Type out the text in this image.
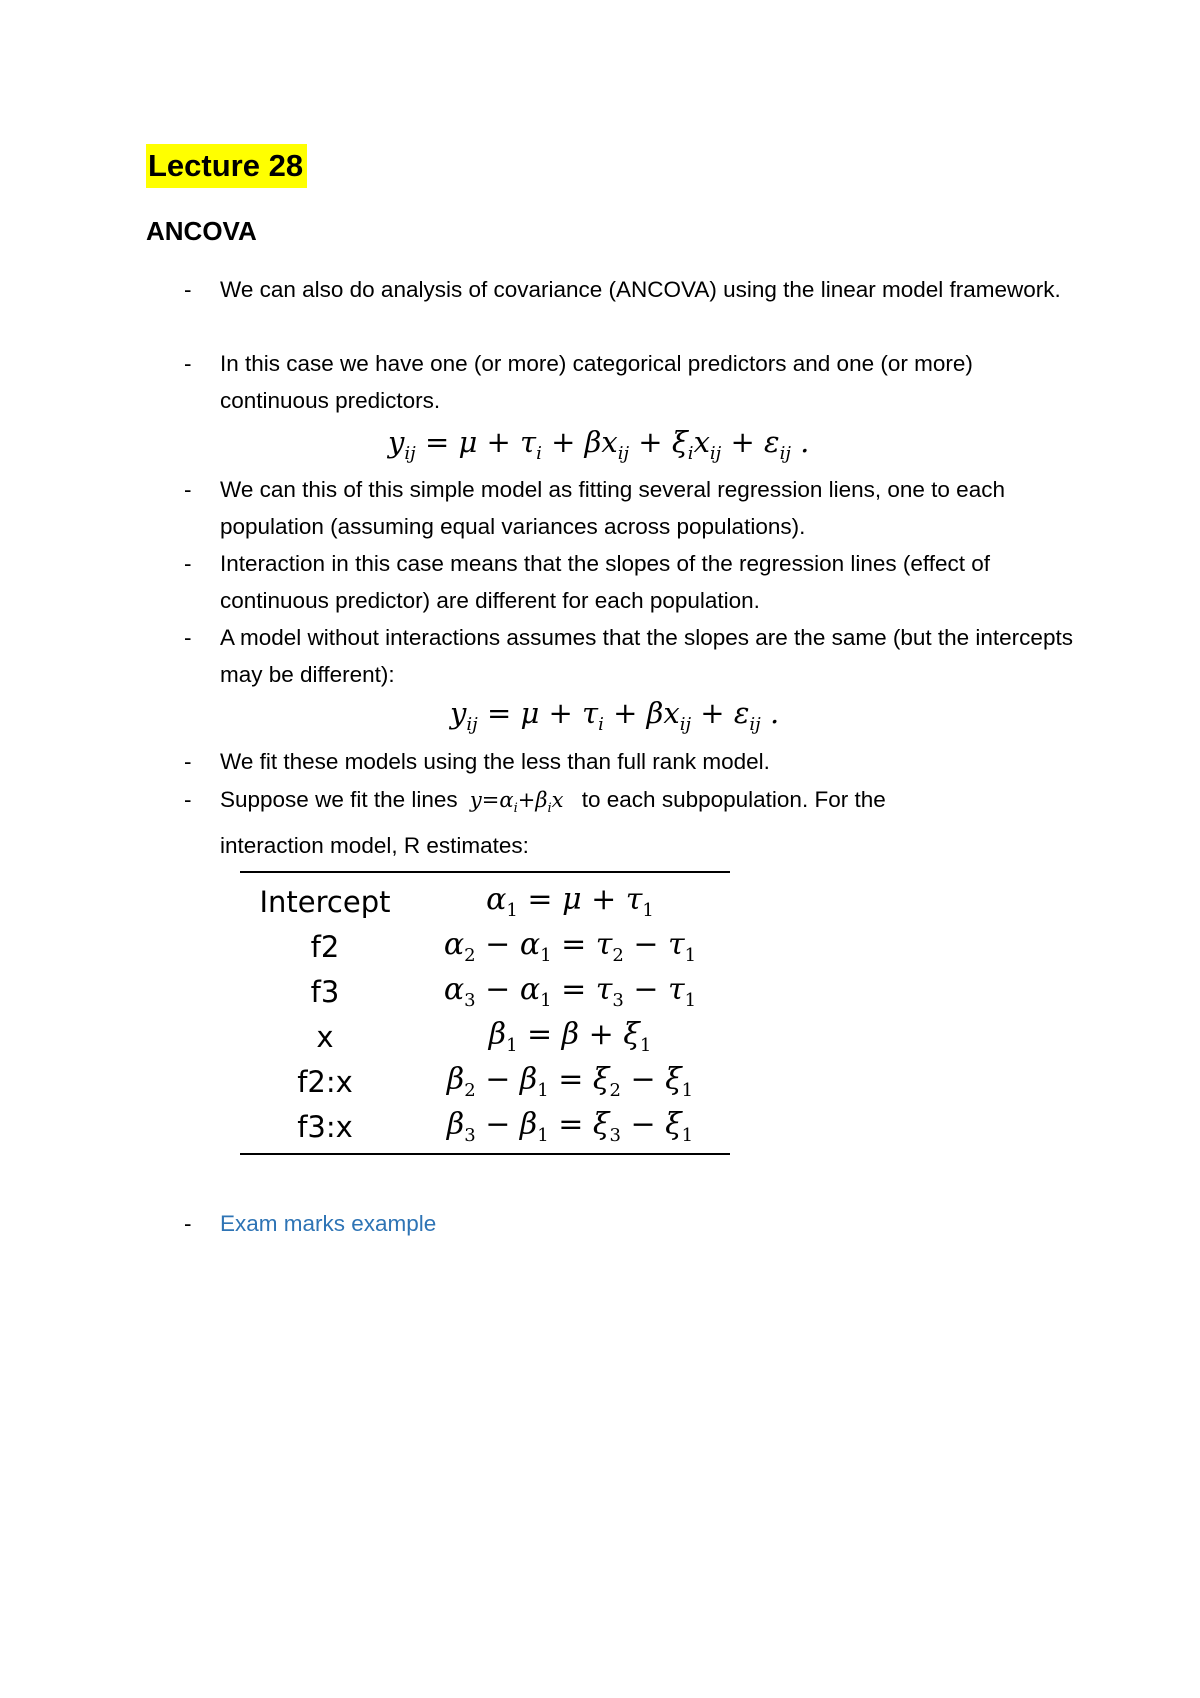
Lecture 28
ANCOVA
- We can also do analysis of covariance (ANCOVA) using the linear model framework.
- In this case we have one (or more) categorical predictors and one (or more) continuous predictors.
$y_{ij} = \mu + \tau_i + \beta x_{ij} + \xi_ix_{ij} + \varepsilon_{ij}$ .
- We can this of this simple model as fitting several regression liens, one to each population (assuming equal variances across populations).
- Interaction in this case means that the slopes of the regression lines (effect of continuous predictor) are different for each population.
- A model without interactions assumes that the slopes are the same (but the intercepts may be different):
$y_{ij} = \mu + \tau_i + \beta x_{ij} + \varepsilon_{ij}$ .
- We fit these models using the less than full rank model.
- Suppose we fit the lines $y=\alpha_i+\beta_ix$ to each subpopulation. For the
interaction model, R estimates:
Intercept	$\alpha_1 = \mu + \tau_1$
f2	$\alpha_2 - \alpha_1 = \tau_2 - \tau_1$
f3	$\alpha_3 - \alpha_1 = \tau_3 - \tau_1$
x	$\beta_1 = \beta + \xi_1$
f2:x	$\beta_2 - \beta_1 = \xi_2 - \xi_1$
f3:x	$\beta_3 - \beta_1 = \xi_3 - \xi_1$
- Exam marks example
